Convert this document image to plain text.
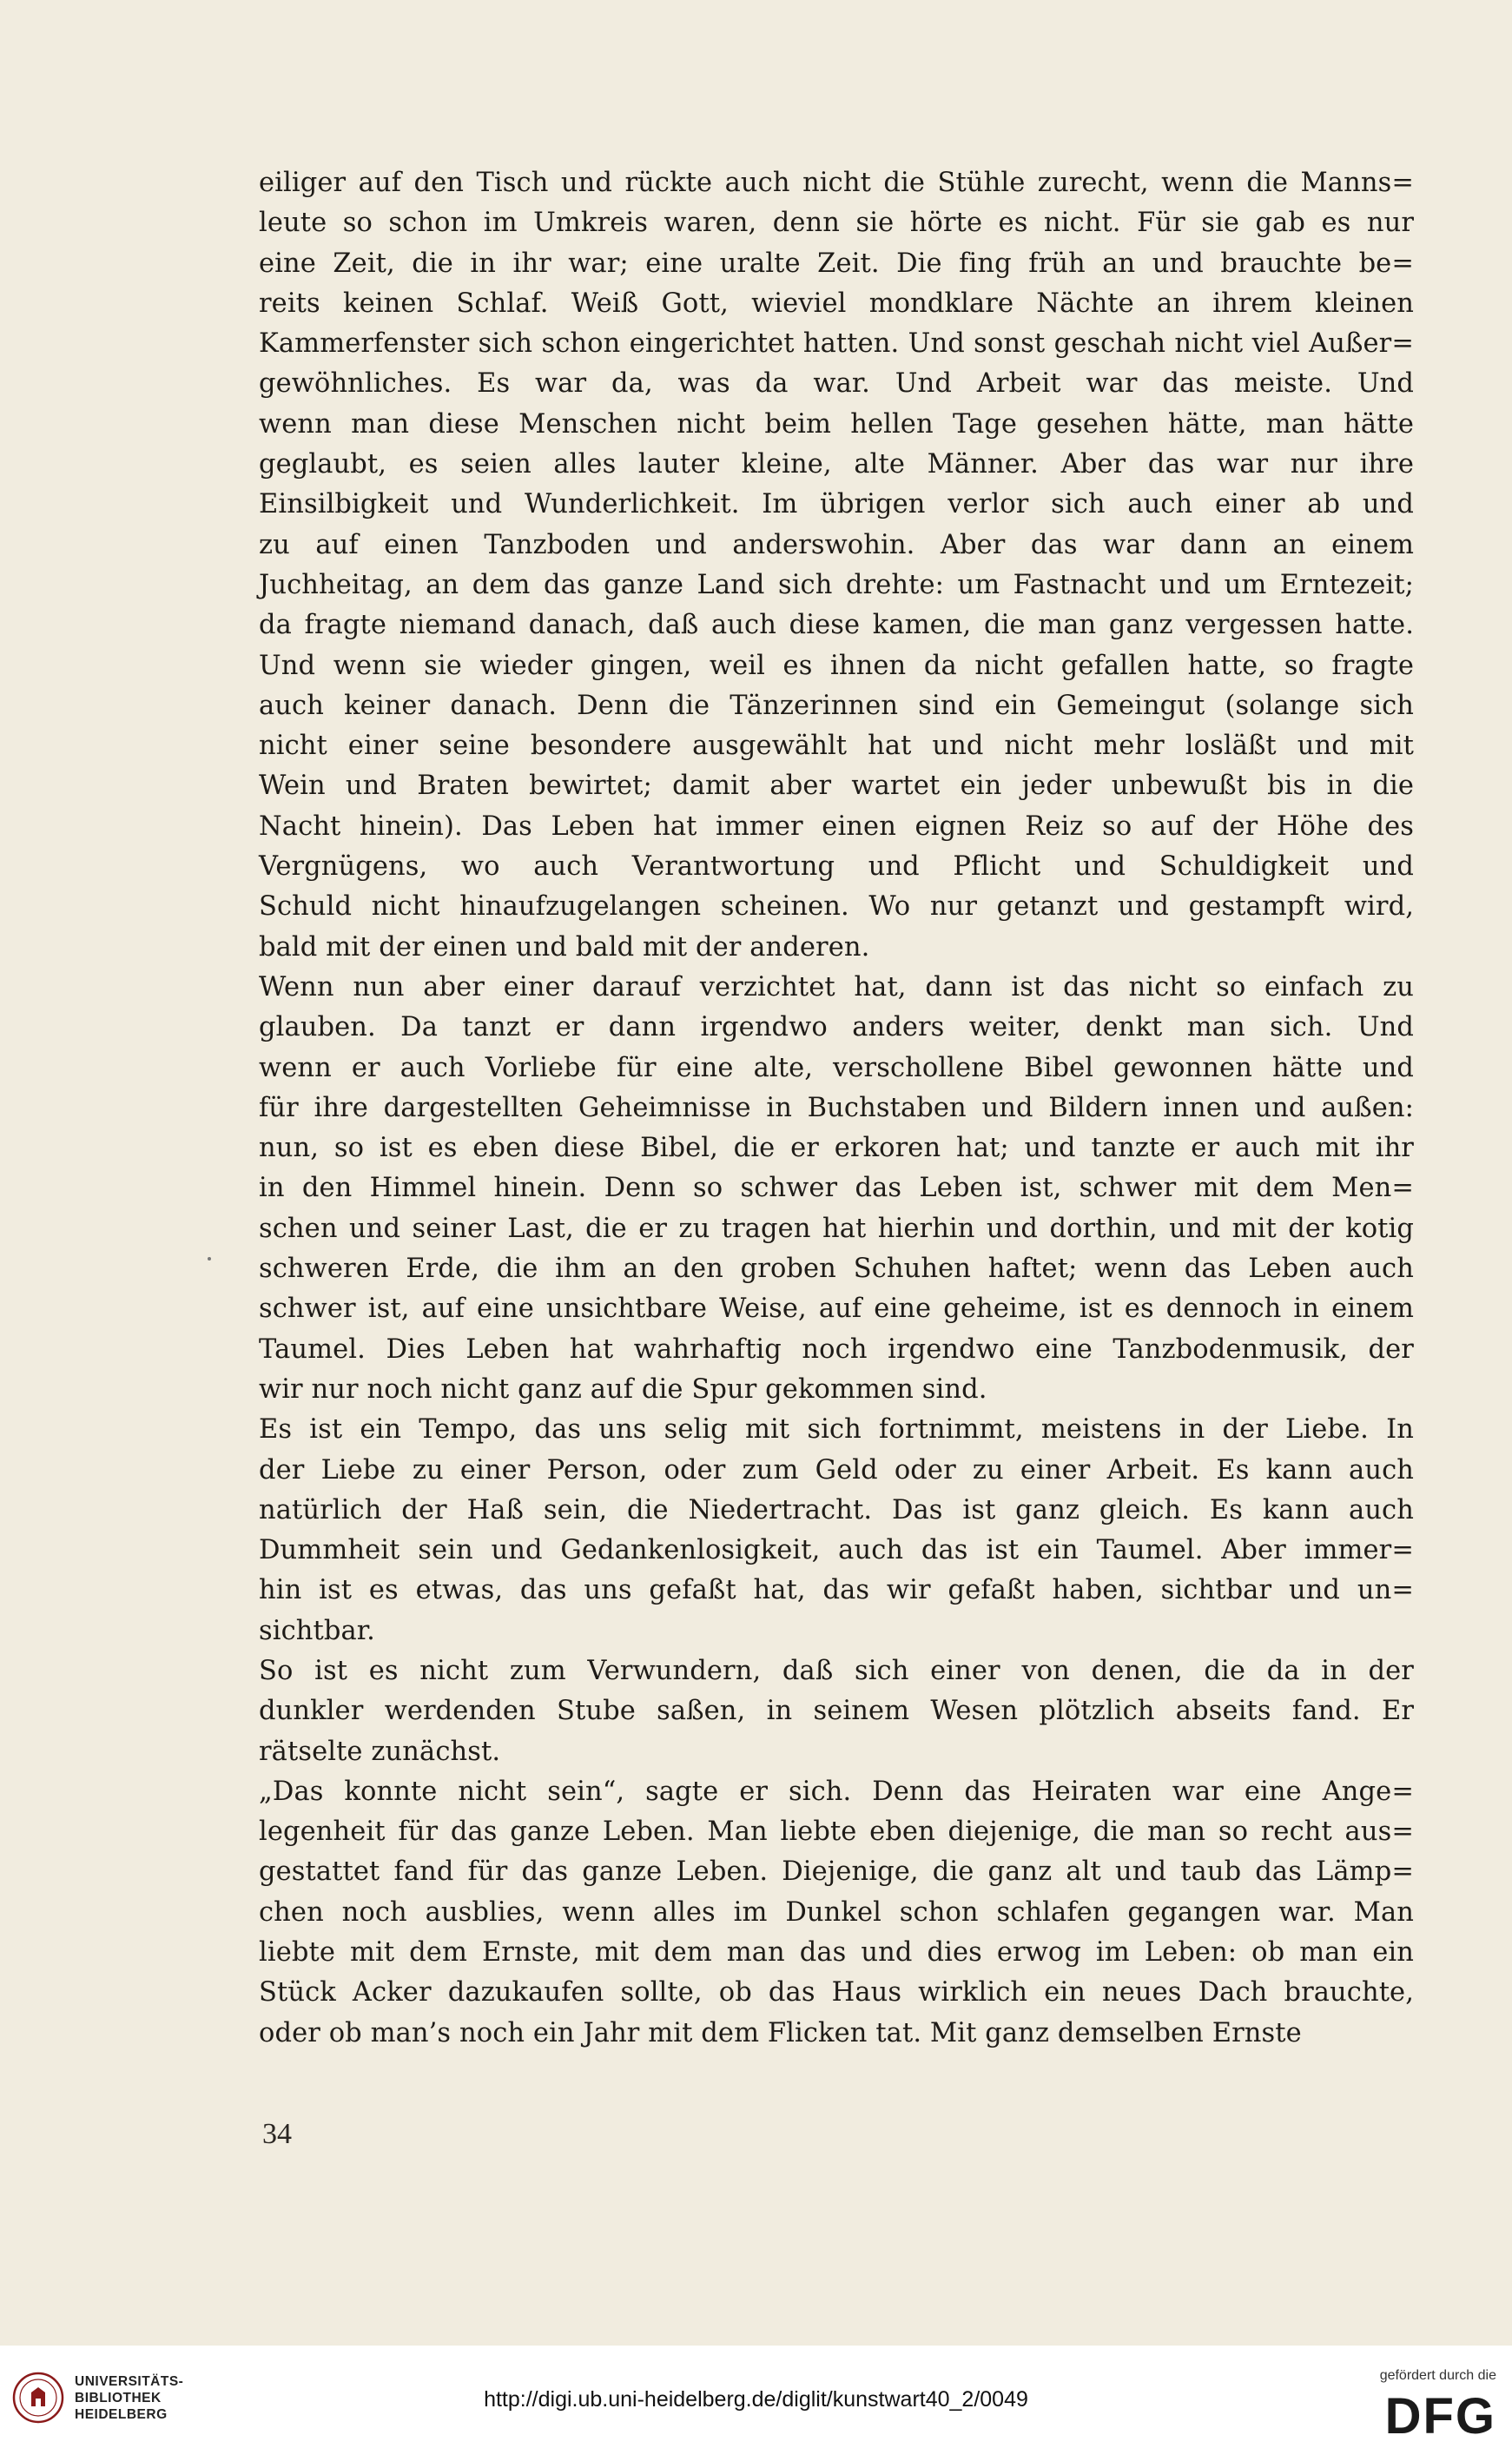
eiliger auf den Tisch und rückte auch nicht die Stühle zurecht, wenn die Manns=
leute so schon im Umkreis waren, denn sie hörte es nicht. Für sie gab es nur
eine Zeit, die in ihr war; eine uralte Zeit. Die fing früh an und brauchte be=
reits keinen Schlaf. Weiß Gott, wieviel mondklare Nächte an ihrem kleinen
Kammerfenster sich schon eingerichtet hatten. Und sonst geschah nicht viel Außer=
gewöhnliches. Es war da, was da war. Und Arbeit war das meiste. Und
wenn man diese Menschen nicht beim hellen Tage gesehen hätte, man hätte
geglaubt, es seien alles lauter kleine, alte Männer. Aber das war nur ihre
Einsilbigkeit und Wunderlichkeit. Im übrigen verlor sich auch einer ab und
zu auf einen Tanzboden und anderswohin. Aber das war dann an einem
Juchheitag, an dem das ganze Land sich drehte: um Fastnacht und um Erntezeit;
da fragte niemand danach, daß auch diese kamen, die man ganz vergessen hatte.
Und wenn sie wieder gingen, weil es ihnen da nicht gefallen hatte, so fragte
auch keiner danach. Denn die Tänzerinnen sind ein Gemeingut (solange sich
nicht einer seine besondere ausgewählt hat und nicht mehr losläßt und mit
Wein und Braten bewirtet; damit aber wartet ein jeder unbewußt bis in die
Nacht hinein). Das Leben hat immer einen eignen Reiz so auf der Höhe des
Vergnügens, wo auch Verantwortung und Pflicht und Schuldigkeit und
Schuld nicht hinaufzugelangen scheinen. Wo nur getanzt und gestampft wird,
bald mit der einen und bald mit der anderen.
Wenn nun aber einer darauf verzichtet hat, dann ist das nicht so einfach zu
glauben. Da tanzt er dann irgendwo anders weiter, denkt man sich. Und
wenn er auch Vorliebe für eine alte, verschollene Bibel gewonnen hätte und
für ihre dargestellten Geheimnisse in Buchstaben und Bildern innen und außen:
nun, so ist es eben diese Bibel, die er erkoren hat; und tanzte er auch mit ihr
in den Himmel hinein. Denn so schwer das Leben ist, schwer mit dem Men=
schen und seiner Last, die er zu tragen hat hierhin und dorthin, und mit der kotig
schweren Erde, die ihm an den groben Schuhen haftet; wenn das Leben auch
schwer ist, auf eine unsichtbare Weise, auf eine geheime, ist es dennoch in einem
Taumel. Dies Leben hat wahrhaftig noch irgendwo eine Tanzbodenmusik, der
wir nur noch nicht ganz auf die Spur gekommen sind.
Es ist ein Tempo, das uns selig mit sich fortnimmt, meistens in der Liebe. In
der Liebe zu einer Person, oder zum Geld oder zu einer Arbeit. Es kann auch
natürlich der Haß sein, die Niedertracht. Das ist ganz gleich. Es kann auch
Dummheit sein und Gedankenlosigkeit, auch das ist ein Taumel. Aber immer=
hin ist es etwas, das uns gefaßt hat, das wir gefaßt haben, sichtbar und un=
sichtbar.
So ist es nicht zum Verwundern, daß sich einer von denen, die da in der
dunkler werdenden Stube saßen, in seinem Wesen plötzlich abseits fand. Er
rätselte zunächst.
„Das konnte nicht sein“, sagte er sich. Denn das Heiraten war eine Ange=
legenheit für das ganze Leben. Man liebte eben diejenige, die man so recht aus=
gestattet fand für das ganze Leben. Diejenige, die ganz alt und taub das Lämp=
chen noch ausblies, wenn alles im Dunkel schon schlafen gegangen war. Man
liebte mit dem Ernste, mit dem man das und dies erwog im Leben: ob man ein
Stück Acker dazukaufen sollte, ob das Haus wirklich ein neues Dach brauchte,
oder ob man’s noch ein Jahr mit dem Flicken tat. Mit ganz demselben Ernste
34
UNIVERSITÄTS-
BIBLIOTHEK
HEIDELBERG
http://digi.ub.uni-heidelberg.de/diglit/kunstwart40_2/0049
gefördert durch die
DFG
